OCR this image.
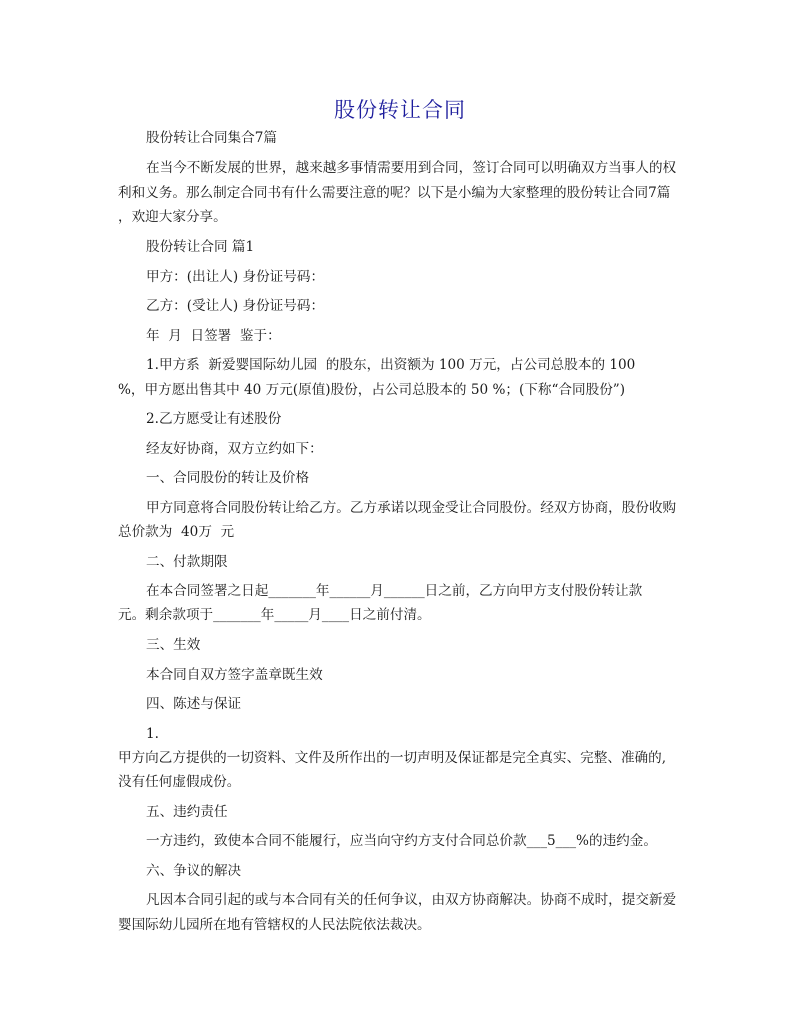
股份转让合同
股份转让合同集合7篇
在当今不断发展的世界，越来越多事情需要用到合同，签订合同可以明确双方当事人的权
利和义务。那么制定合同书有什么需要注意的呢？以下是小编为大家整理的股份转让合同7篇
，欢迎大家分享。
股份转让合同 篇1
甲方：(出让人) 身份证号码：
乙方：(受让人) 身份证号码：
年  月  日签署  鉴于：
1.甲方系  新爱婴国际幼儿园  的股东，出资额为 100 万元，占公司总股本的 100
%，甲方愿出售其中 40 万元(原值)股份，占公司总股本的 50 %；(下称“合同股份”)
2.乙方愿受让有述股份
经友好协商，双方立约如下：
一、合同股份的转让及价格
甲方同意将合同股份转让给乙方。乙方承诺以现金受让合同股份。经双方协商，股份收购
总价款为  40万  元
二、付款期限
在本合同签署之日起_______年______月______日之前，乙方向甲方支付股份转让款
元。剩余款项于_______年_____月____日之前付清。
三、生效
本合同自双方签字盖章既生效
四、陈述与保证
1.
甲方向乙方提供的一切资料、文件及所作出的一切声明及保证都是完全真实、完整、准确的,
没有任何虚假成份。
五、违约责任
一方违约，致使本合同不能履行，应当向守约方支付合同总价款___5___%的违约金。
六、争议的解决
凡因本合同引起的或与本合同有关的任何争议，由双方协商解决。协商不成时，提交新爱
婴国际幼儿园所在地有管辖权的人民法院依法裁决。
